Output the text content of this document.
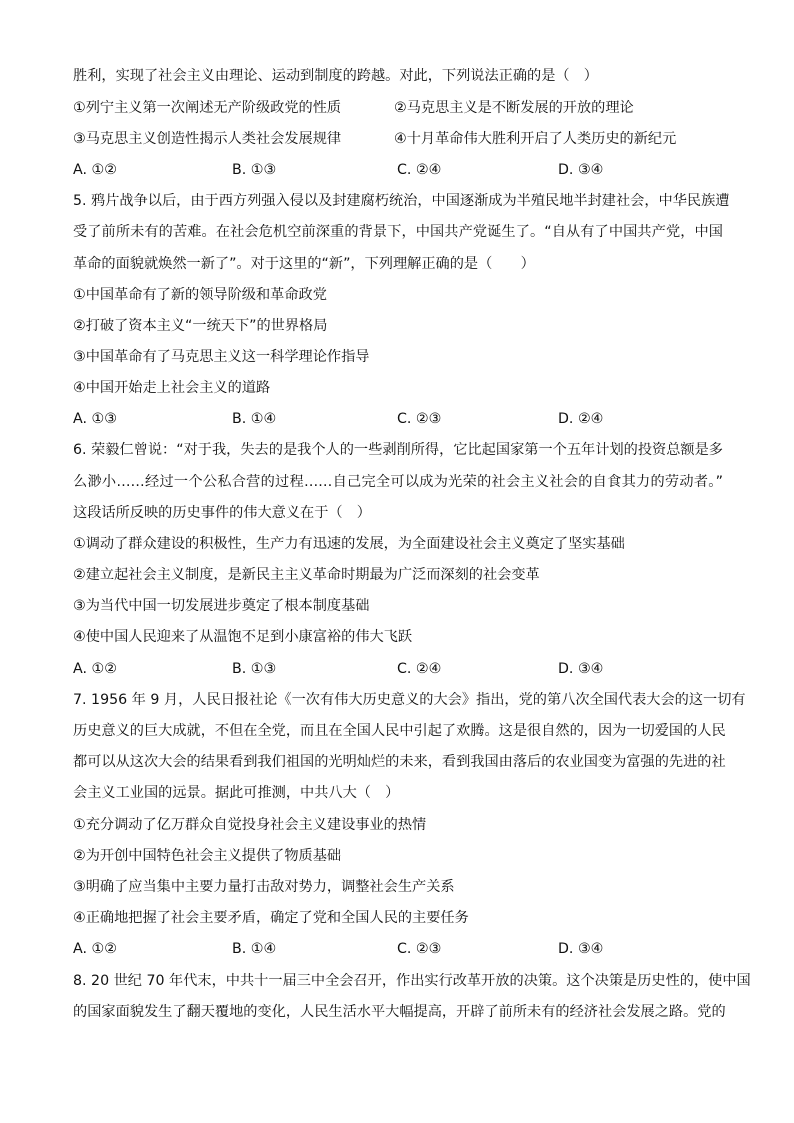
胜利，实现了社会主义由理论、运动到制度的跨越。对此，下列说法正确的是（　）
①列宁主义第一次阐述无产阶级政党的性质	②马克思主义是不断发展的开放的理论
③马克思主义创造性揭示人类社会发展规律	④十月革命伟大胜利开启了人类历史的新纪元
A. ①②	B. ①③	C. ②④	D. ③④
5. 鸦片战争以后，由于西方列强入侵以及封建腐朽统治，中国逐渐成为半殖民地半封建社会，中华民族遭
受了前所未有的苦难。在社会危机空前深重的背景下，中国共产党诞生了。“自从有了中国共产党，中国
革命的面貌就焕然一新了”。对于这里的“新”，下列理解正确的是（　　）
①中国革命有了新的领导阶级和革命政党
②打破了资本主义“一统天下”的世界格局
③中国革命有了马克思主义这一科学理论作指导
④中国开始走上社会主义的道路
A. ①③	B. ①④	C. ②③	D. ②④
6. 荣毅仁曾说：“对于我，失去的是我个人的一些剥削所得，它比起国家第一个五年计划的投资总额是多
么渺小……经过一个公私合营的过程……自己完全可以成为光荣的社会主义社会的自食其力的劳动者。”
这段话所反映的历史事件的伟大意义在于（　）
①调动了群众建设的积极性，生产力有迅速的发展，为全面建设社会主义奠定了坚实基础
②建立起社会主义制度，是新民主主义革命时期最为广泛而深刻的社会变革
③为当代中国一切发展进步奠定了根本制度基础
④使中国人民迎来了从温饱不足到小康富裕的伟大飞跃
A. ①②	B. ①③	C. ②④	D. ③④
7. 1956 年 9 月，人民日报社论《一次有伟大历史意义的大会》指出，党的第八次全国代表大会的这一切有
历史意义的巨大成就，不但在全党，而且在全国人民中引起了欢腾。这是很自然的，因为一切爱国的人民
都可以从这次大会的结果看到我们祖国的光明灿烂的未来，看到我国由落后的农业国变为富强的先进的社
会主义工业国的远景。据此可推测，中共八大（　）
①充分调动了亿万群众自觉投身社会主义建设事业的热情
②为开创中国特色社会主义提供了物质基础
③明确了应当集中主要力量打击敌对势力，调整社会生产关系
④正确地把握了社会主要矛盾，确定了党和全国人民的主要任务
A. ①②	B. ①④	C. ②③	D. ③④
8. 20 世纪 70 年代末，中共十一届三中全会召开，作出实行改革开放的决策。这个决策是历史性的，使中国
的国家面貌发生了翻天覆地的变化，人民生活水平大幅提高，开辟了前所未有的经济社会发展之路。党的
